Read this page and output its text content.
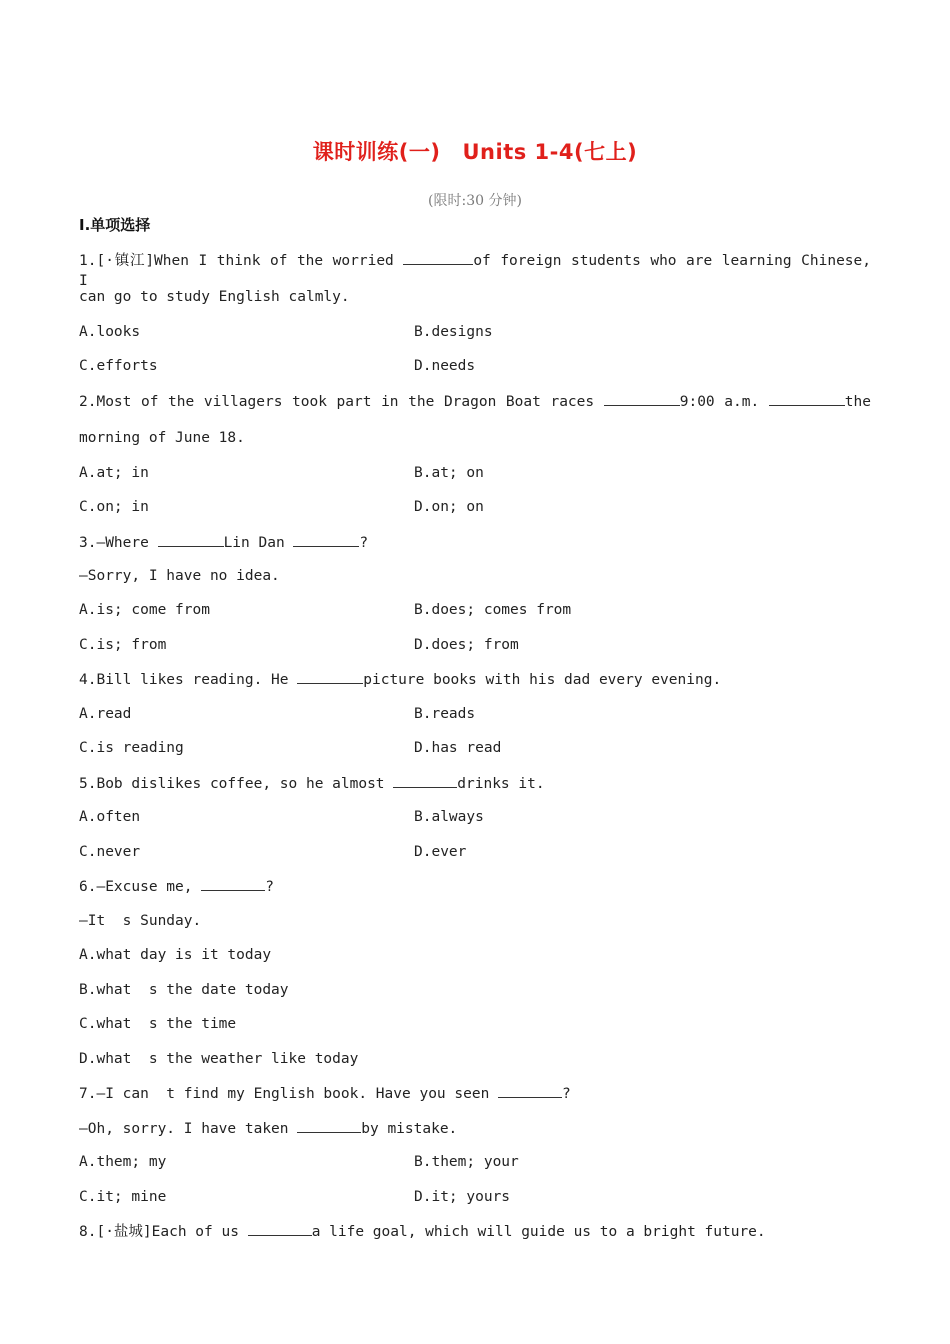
课时训练(一) Units 1-4(七上)
(限时:30 分钟)
Ⅰ.单项选择
1.[·镇江]When I think of the worried	of foreign students who are learning Chinese, I
can go to study English calmly.
A.looks	B.designs
C.efforts	D.needs
2.Most of the villagers took part in the Dragon Boat races	9:00 a.m.	the
morning of June 18.
A.at; in	B.at; on
C.on; in	D.on; on
3.—Where	Lin Dan	?
—Sorry, I have no idea.
A.is; come from	B.does; comes from
C.is; from	D.does; from
4.Bill likes reading. He	picture books with his dad every evening.
A.read	B.reads
C.is reading	D.has read
5.Bob dislikes coffee, so he almost	drinks it.
A.often	B.always
C.never	D.ever
6.—Excuse me,	?
—It  s Sunday.
A.what day is it today
B.what  s the date today
C.what  s the time
D.what  s the weather like today
7.—I can  t find my English book. Have you seen	?
—Oh, sorry. I have taken	by mistake.
A.them; my	B.them; your
C.it; mine	D.it; yours
8.[·盐城]Each of us	a life goal, which will guide us to a bright future.
